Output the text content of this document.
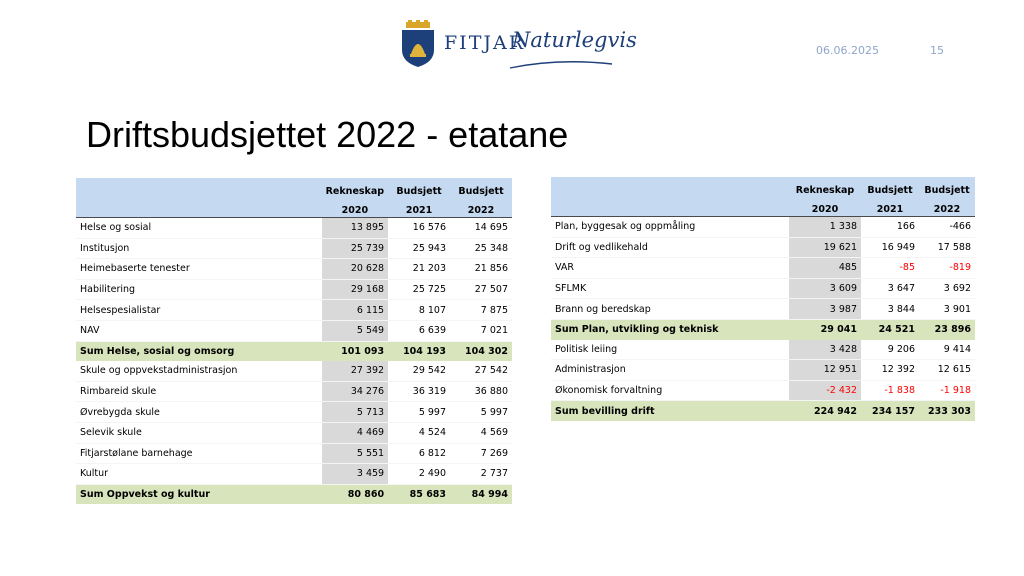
FITJAR
Naturlegvis	06.06.2025	15
Driftsbudsjettet 2022 - etatane
	Rekneskap	Budsjett	Budsjett
	2020	2021	2022
Helse og sosial	13 895	16 576	14 695
Institusjon	25 739	25 943	25 348
Heimebaserte tenester	20 628	21 203	21 856
Habilitering	29 168	25 725	27 507
Helsespesialistar	6 115	8 107	7 875
NAV	5 549	6 639	7 021
Sum Helse, sosial og omsorg	101 093	104 193	104 302
Skule og oppvekstadministrasjon	27 392	29 542	27 542
Rimbareid skule	34 276	36 319	36 880
Øvrebygda skule	5 713	5 997	5 997
Selevik skule	4 469	4 524	4 569
Fitjarstølane barnehage	5 551	6 812	7 269
Kultur	3 459	2 490	2 737
Sum Oppvekst og kultur	80 860	85 683	84 994
	Rekneskap	Budsjett	Budsjett
	2020	2021	2022
Plan, byggesak og oppmåling	1 338	166	-466
Drift og vedlikehald	19 621	16 949	17 588
VAR	485	-85	-819
SFLMK	3 609	3 647	3 692
Brann og beredskap	3 987	3 844	3 901
Sum Plan, utvikling og teknisk	29 041	24 521	23 896
Politisk leiing	3 428	9 206	9 414
Administrasjon	12 951	12 392	12 615
Økonomisk forvaltning	-2 432	-1 838	-1 918
Sum bevilling drift	224 942	234 157	233 303
